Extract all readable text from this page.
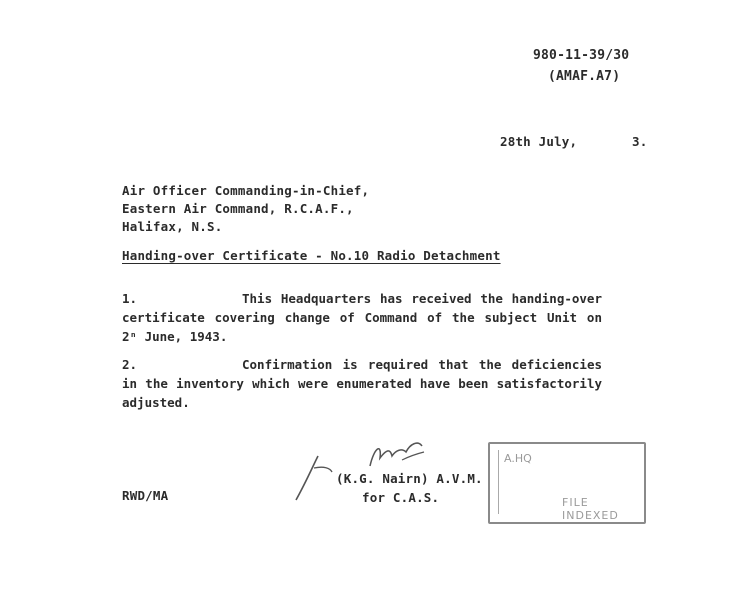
980-11-39/30
(AMAF.A7)
28th July,	3.
Air Officer Commanding-in-Chief,
Eastern Air Command, R.C.A.F.,
Halifax, N.S.
Handing-over Certificate - No.10 Radio Detachment
1.	This Headquarters has received the handing-over certificate covering change of Command of the subject Unit on 2ⁿ June, 1943.
2.	Confirmation is required that the deficiencies in the inventory which were enumerated have been satisfactorily adjusted.
(K.G. Nairn) A.V.M.
for C.A.S.
RWD/MA
A.HQ
FILE INDEXED
